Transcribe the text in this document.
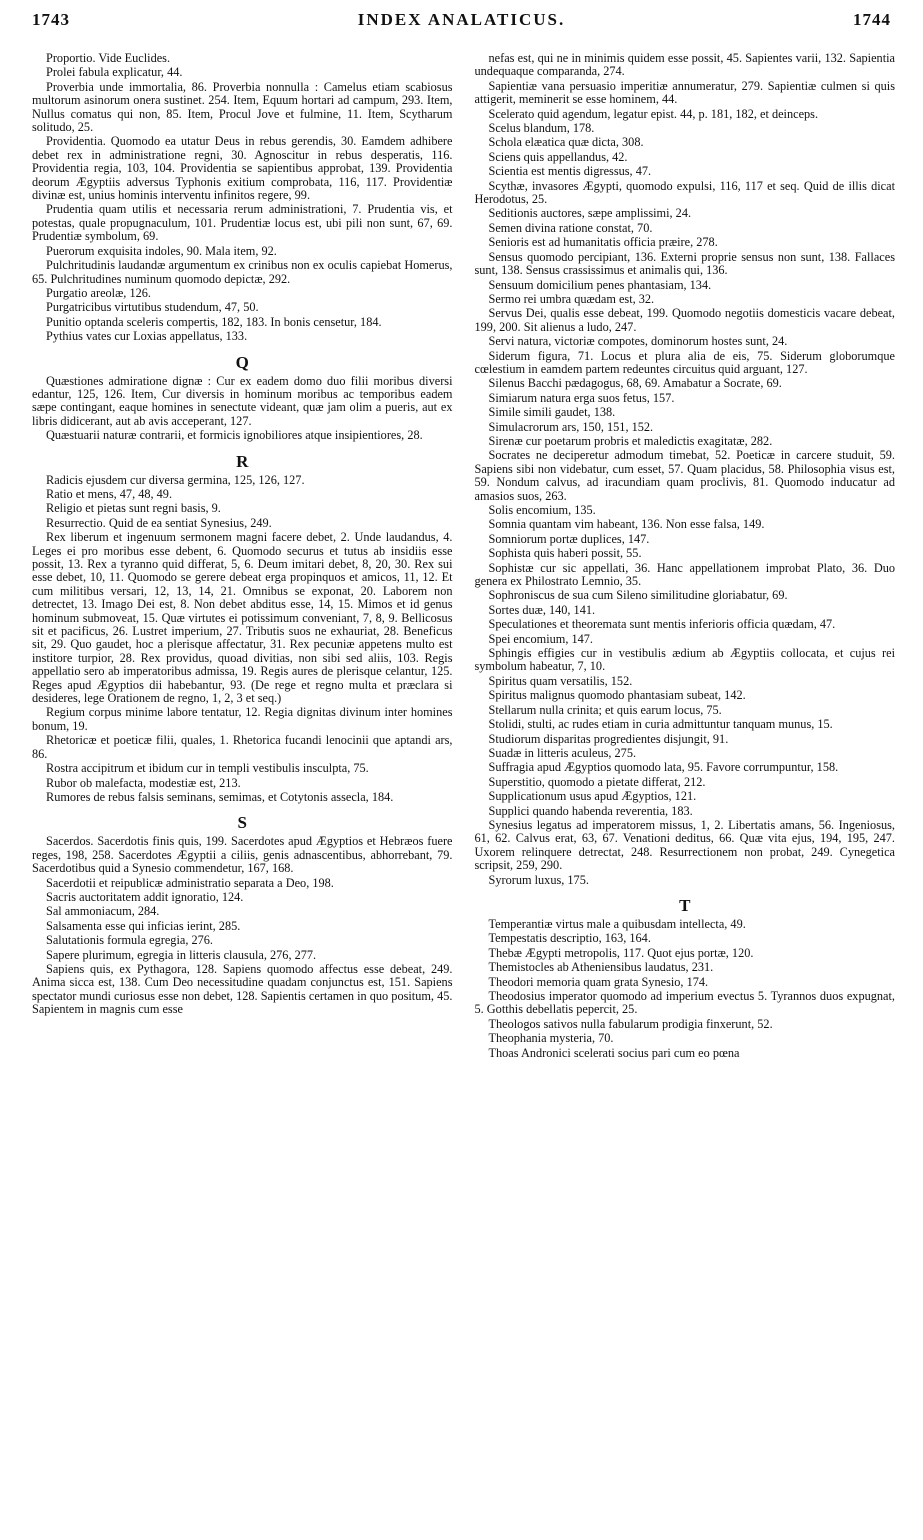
1743	INDEX ANALATICUS.	1744
Proportio. Vide Euclides.
Prolei fabula explicatur, 44.
Proverbia unde immortalia, 86. Proverbia nonnulla : Camelus etiam scabiosus multorum asinorum onera sustinet. 254. Item, Equum hortari ad campum, 293. Item, Nullus comatus qui non, 85. Item, Procul Jove et fulmine, 11. Item, Scytharum solitudo, 25.
Providentia. Quomodo ea utatur Deus in rebus gerendis, 30. Eamdem adhibere debet rex in administratione regni, 30. Agnoscitur in rebus desperatis, 116. Providentia regia, 103, 104. Providentia se sapientibus approbat, 139. Providentia deorum Ægyptiis adversus Typhonis exitium comprobata, 116, 117. Providentiæ divinæ est, unius hominis interventu infinitos regere, 99.
Prudentia quam utilis et necessaria rerum administrationi, 7. Prudentia vis, et potestas, quale propugnaculum, 101. Prudentiæ locus est, ubi pili non sunt, 67, 69. Prudentiæ symbolum, 69.
Puerorum exquisita indoles, 90. Mala item, 92.
Pulchritudinis laudandæ argumentum ex crinibus non ex oculis capiebat Homerus, 65. Pulchritudines numinum quomodo depictæ, 292.
Purgatio areolæ, 126.
Purgatricibus virtutibus studendum, 47, 50.
Punitio optanda sceleris compertis, 182, 183. In bonis censetur, 184.
Pythius vates cur Loxias appellatus, 133.
Q
Quæstiones admiratione dignæ : Cur ex eadem domo duo filii moribus diversi edantur, 125, 126. Item, Cur diversis in hominum moribus ac temporibus eadem sæpe contingant, eaque homines in senectute videant, quæ jam olim a pueris, aut ex libris didicerant, aut ab avis acceperant, 127.
Quæstuarii naturæ contrarii, et formicis ignobiliores atque insipientiores, 28.
R
Radicis ejusdem cur diversa germina, 125, 126, 127.
Ratio et mens, 47, 48, 49.
Religio et pietas sunt regni basis, 9.
Resurrectio. Quid de ea sentiat Synesius, 249.
Rex liberum et ingenuum sermonem magni facere debet, 2. Unde laudandus, 4. Leges ei pro moribus esse debent, 6. Quomodo securus et tutus ab insidiis esse possit, 13. Rex a tyranno quid differat, 5, 6. Deum imitari debet, 8, 20, 30. Rex sui esse debet, 10, 11. Quomodo se gerere debeat erga propinquos et amicos, 11, 12. Et cum militibus versari, 12, 13, 14, 21. Omnibus se exponat, 20. Laborem non detrectet, 13. Imago Dei est, 8. Non debet abditus esse, 14, 15. Mimos et id genus hominum submoveat, 15. Quæ virtutes ei potissimum conveniant, 7, 8, 9. Bellicosus sit et pacificus, 26. Lustret imperium, 27. Tributis suos ne exhauriat, 28. Beneficus sit, 29. Quo gaudet, hoc a plerisque affectatur, 31. Rex pecuniæ appetens multo est institore turpior, 28. Rex providus, quoad divitias, non sibi sed aliis, 103. Regis appellatio sero ab imperatoribus admissa, 19. Regis aures de plerisque celantur, 125. Reges apud Ægyptios dii habebantur, 93. (De rege et regno multa et præclara si desideres, lege Orationem de regno, 1, 2, 3 et seq.)
Regium corpus minime labore tentatur, 12. Regia dignitas divinum inter homines bonum, 19.
Rhetoricæ et poeticæ filii, quales, 1. Rhetorica fucandi lenocinii que aptandi ars, 86.
Rostra accipitrum et ibidum cur in templi vestibulis insculpta, 75.
Rubor ob malefacta, modestiæ est, 213.
Rumores de rebus falsis seminans, semimas, et Cotytonis assecla, 184.
S
Sacerdos. Sacerdotis finis quis, 199. Sacerdotes apud Ægyptios et Hebræos fuere reges, 198, 258. Sacerdotes Ægyptii a ciliis, genis adnascentibus, abhorrebant, 79. Sacerdotibus quid a Synesio commendetur, 167, 168.
Sacerdotii et reipublicæ administratio separata a Deo, 198.
Sacris auctoritatem addit ignoratio, 124.
Sal ammoniacum, 284.
Salsamenta esse qui inficias ierint, 285.
Salutationis formula egregia, 276.
Sapere plurimum, egregia in litteris clausula, 276, 277.
Sapiens quis, ex Pythagora, 128. Sapiens quomodo affectus esse debeat, 249. Anima sicca est, 138. Cum Deo necessitudine quadam conjunctus est, 151. Sapiens spectator mundi curiosus esse non debet, 128. Sapientis certamen in quo positum, 45. Sapientem in magnis cum esse
nefas est, qui ne in minimis quidem esse possit, 45. Sapientes varii, 132. Sapientia undequaque comparanda, 274.
Sapientiæ vana persuasio imperitiæ annumeratur, 279. Sapientiæ culmen si quis attigerit, meminerit se esse hominem, 44.
Scelerato quid agendum, legatur epist. 44, p. 181, 182, et deinceps.
Scelus blandum, 178.
Schola elæatica quæ dicta, 308.
Sciens quis appellandus, 42.
Scientia est mentis digressus, 47.
Scythæ, invasores Ægypti, quomodo expulsi, 116, 117 et seq. Quid de illis dicat Herodotus, 25.
Seditionis auctores, sæpe amplissimi, 24.
Semen divina ratione constat, 70.
Senioris est ad humanitatis officia præire, 278.
Sensus quomodo percipiant, 136. Externi proprie sensus non sunt, 138. Fallaces sunt, 138. Sensus crassissimus et animalis qui, 136.
Sensuum domicilium penes phantasiam, 134.
Sermo rei umbra quædam est, 32.
Servus Dei, qualis esse debeat, 199. Quomodo negotiis domesticis vacare debeat, 199, 200. Sit alienus a ludo, 247.
Servi natura, victoriæ compotes, dominorum hostes sunt, 24.
Siderum figura, 71. Locus et plura alia de eis, 75. Siderum globorumque cœlestium in eamdem partem redeuntes circuitus quid arguant, 127.
Silenus Bacchi pædagogus, 68, 69. Amabatur a Socrate, 69.
Simiarum natura erga suos fetus, 157.
Simile simili gaudet, 138.
Simulacrorum ars, 150, 151, 152.
Sirenæ cur poetarum probris et maledictis exagitatæ, 282.
Socrates ne deciperetur admodum timebat, 52. Poeticæ in carcere studuit, 59. Sapiens sibi non videbatur, cum esset, 57. Quam placidus, 58. Philosophia visus est, 59. Nondum calvus, ad iracundiam quam proclivis, 81. Quomodo inducatur ad amasios suos, 263.
Solis encomium, 135.
Somnia quantam vim habeant, 136. Non esse falsa, 149.
Somniorum portæ duplices, 147.
Sophista quis haberi possit, 55.
Sophistæ cur sic appellati, 36. Hanc appellationem improbat Plato, 36. Duo genera ex Philostrato Lemnio, 35.
Sophroniscus de sua cum Sileno similitudine gloriabatur, 69.
Sortes duæ, 140, 141.
Speculationes et theoremata sunt mentis inferioris officia quædam, 47.
Spei encomium, 147.
Sphingis effigies cur in vestibulis ædium ab Ægyptiis collocata, et cujus rei symbolum habeatur, 7, 10.
Spiritus quam versatilis, 152.
Spiritus malignus quomodo phantasiam subeat, 142.
Stellarum nulla crinita; et quis earum locus, 75.
Stolidi, stulti, ac rudes etiam in curia admittuntur tanquam munus, 15.
Studiorum disparitas progredientes disjungit, 91.
Suadæ in litteris aculeus, 275.
Suffragia apud Ægyptios quomodo lata, 95. Favore corrumpuntur, 158.
Superstitio, quomodo a pietate differat, 212.
Supplicationum usus apud Ægyptios, 121.
Supplici quando habenda reverentia, 183.
Synesius legatus ad imperatorem missus, 1, 2. Libertatis amans, 56. Ingeniosus, 61, 62. Calvus erat, 63, 67. Venationi deditus, 66. Quæ vita ejus, 194, 195, 247. Uxorem relinquere detrectat, 248. Resurrectionem non probat, 249. Cynegetica scripsit, 259, 290.
Syrorum luxus, 175.
T
Temperantiæ virtus male a quibusdam intellecta, 49.
Tempestatis descriptio, 163, 164.
Thebæ Ægypti metropolis, 117. Quot ejus portæ, 120.
Themistocles ab Atheniensibus laudatus, 231.
Theodori memoria quam grata Synesio, 174.
Theodosius imperator quomodo ad imperium evectus 5. Tyrannos duos expugnat, 5. Gotthis debellatis pepercit, 25.
Theologos sativos nulla fabularum prodigia finxerunt, 52.
Theophania mysteria, 70.
Thoas Andronici scelerati socius pari cum eo pœna
